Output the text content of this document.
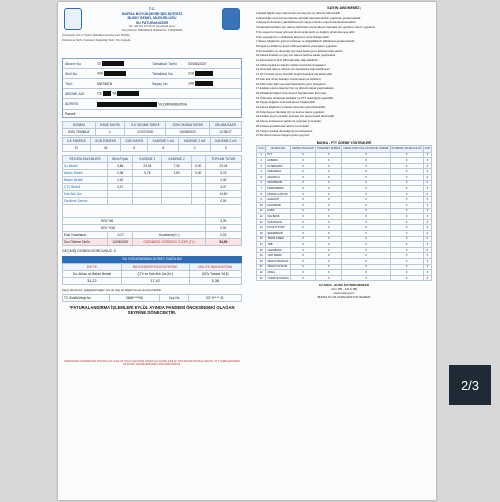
T.C.
BURSA BÜYÜKŞEHİR BELEDİYESİ
BUSKİ GENEL MÜDÜRLÜĞÜ
SU FATURANIZDIR
Tel: +90 224 270 00 00 www.buski.gov.tr
Vergi Dairesi: 2580466262 Mükellef No: 1740000000
Kurtuluşsal YOLU Yıldırım Mahallesi Kurtuluş Cad. BURSA
Düzenleme Tarihi / Faturanın Dağıtıldığı Tarih: Tüm belgede
Abone No	12	Tahakkuk Tarihi	03/08/2020
Sicil No	429	Tahakkuk No	218
Türü	MESKEN	Sayaç No	198
ABONE ADI	CE	YA
ADRESİ	YILDIRIM/BURSA
Parseli
DÖNEM	HANE SAYISI	İLK OKUMA TARİHİ	SON OKUMA TARİHİ	OKUMA SAATİ
2020-TEMMUZ	1	01/07/2020	03/08/2020	12:38:07
İLK ENDEKS	SON ENDEKS	GÜN SAYISI	KADEME 1 m3	KADEME 2 m3	KADEME 3 m3
37	43	6	6	0	0
FATURA KALEMLERİ	Birim Fiyatı	KADEME 1	KADEME 2		TOPLAM TUTAR
Su Bedeli	3,84	23,04	7,30	0,00	23,04
Atıksu Bedeli	0,96	5,76	1,83	0,00	5,76
Bakım Bedeli	2,40				2,40
ÇTV Bedeli	3,47				3,47
Katı Atık Ücr.					14,60
Gecikme Zammı					0,00

KDV %8					3,30
KDV %18					0,00
Eski Yuvarlama	-0,27	Yuvarlama(+/-)			0,02
Son Ödeme Tarihi	12/08/2020	ÖDENMESİ GEREKEN TUTAR (TL)			54,90
GEÇMİŞ DÖNEM BORCUNUZ: 0
SU FATURASININ ÜCRET DAĞILIMI
DSİ'YE	BÜYÜKŞEHİR BELEDİYESİNE	MALİYE BAKANLIĞINA
Su, Atıksu ve Bakım Bedeli	ÇTV ve Katı Atık Ücr.(br.)	(KDV Tahsisi %18)
31,22	17,42	5,36
Sayın Abonemiz; aşağıdaki bilgiler size ait olup bu bilgiler Kurumumuzca bildirilir.
TC Kimlik/Vergi No	3668*****68	Cep No	53* 3** ** 31
*FATURALANDIRMA İŞLEMLERİ EYLÜL AYINDA PANDEMİ ÖNCESİNDEKİ OLAĞAN SEYRİNE DÖNECEKTİR.
VADESİNDE ÖDENMEYEN FATURALAR GÜNLÜK %0,03 GECİKME ZAMMI İLE TAHSİL EDİLİR. FATURANIZI BANKALARDAN, PTT ŞUBELERİNDEN VE BUSKİ VEZNELERİNDEN ÖDEYEBİLİRSİNİZ.
SAYIN ABONEMİZ;
1-Ekteki bilgiler sayın abonemize ait olup her ay düzenli ödenmelidir.
2-Aboneliğin sona ermesi halinde abonelik iptal işlemlerinin yapılması gerekmektedir.
3-Sayaç kontrolünün yapılabilmesi için sayaç önünde engel bulundurulmamalıdır.
4-Faturada belirtilen son ödeme tarihinden sonra ödenen faturalar için gecikme zammı uygulanır.
5-Su sayacının hasar görmesi durumunda tamir ve değişim ücreti aboneye aittir.
6-Su sayaçlarının muhafazası abonenin sorumluluğundadır.
7-Abone bilgilerinin güncel tutulması ve değişikliklerin bildirilmesi gerekmektedir.
8-Kaçak su kullanımı tespit edilmesi halinde yasal işlem uygulanır.
9-Su kesintileri ve duyurular için www.buski.gov.tr adresini takip ediniz.
10-Fatura itirazları en geç son ödeme tarihine kadar yapılmalıdır.
11-Abonelerimiz ALO 185 hattından bilgi alabilirler.
12-Atıksu bedeli su tüketim miktarı üzerinden hesaplanır.
13-Otomatik ödeme talimatı için bankanıza başvurabilirsiniz.
14-ÇTV bedeli Çevre Temizlik Vergisi kapsamında tahsil edilir.
15-Katı atık ücreti belediye meclis kararı ile belirlenir.
16-KDV tutarı ilgili mevzuat hükümlerine göre hesaplanır.
17-Endeks okuma işlemleri her ay düzenli olarak yapılmaktadır.
18-Tahakkuk bilgileri Kurumumuz kayıtlarından alınmıştır.
19-Ödemeler anlaşmalı bankalar ve PTT aracılığıyla yapılabilir.
20-Sayaç değişimi sırasında abone bilgilendirilir.
21-Fatura bilgileriniz e-Devlet üzerinden görüntülenebilir.
22-Ödenmeyen faturalar için su kesme işlemi uygulanır.
23-Kesilen suyun yeniden açılması için açma bedeli tahsil edilir.
24-Abone sözleşmesi şartlarına uyulması zorunludur.
25-Tesisat arızalarından abone sorumludur.
26-Yangın tesisatı aboneliği ayrıca düzenlenir.
27-Bu fatura ödeme belgesi yerine geçmez.
BANKA - PTT ÖDEME YÖNTEMLERİ
S.NO	BANKA ADI	VEZNE TAHSİLATI	İNTERNET ŞUBESİ	KREDİ KARTI İLE OTOMATİK ÖDEME	İNTERNET BANKACILIĞI	ATM
1	PTT	X	X	X	X	X
2	AKBANK	X	X	X	X	X
3	ALTERNATİF	X	X	X	X	X
4	ALBARAKA	X	X	X	X	X
5	ANADOLU	X	X	X	X	X
6	DENİZBANK	X	X	X	X	X
7	FİNANSBANK	X	X	X	X	X
8	FİNANS KATILIM	X	X	X	X	X
9	GARANTİ	X	X	X	X	X
10	HALKBANK	X	X	X	X	X
11	HSBC	X	X	X	X	X
12	ING BANK	X	X	X	X	X
13	İŞ BANKASI	X	X	X	X	X
14	KUVEYTTÜRK	X	X	X	X	X
15	ŞEKERBANK	X	X	X	X	X
16	TARIM KREDİ	X	X	X	X	X
17	TEB	X	X	X	X	X
18	VAKIFBANK	X	X	X	X	X
19	YAPI KREDİ	X	X	X	X	X
20	ZİRAAT BANKASI	X	X	X	X	X
21	ZİRAAT KATILIM	X	X	X	X	X
22	ODEA	X	X	X	X	X
23	TÜRKİYE FİNANS	X	X	X	X	X
SU ARIZA - BUSKİ İLETİŞİM MERKEZİ
ALO 185 - 444 9 185
www.buski.gov.tr
BURSA SU VE KANALİZASYON İDARESİ
2/3
